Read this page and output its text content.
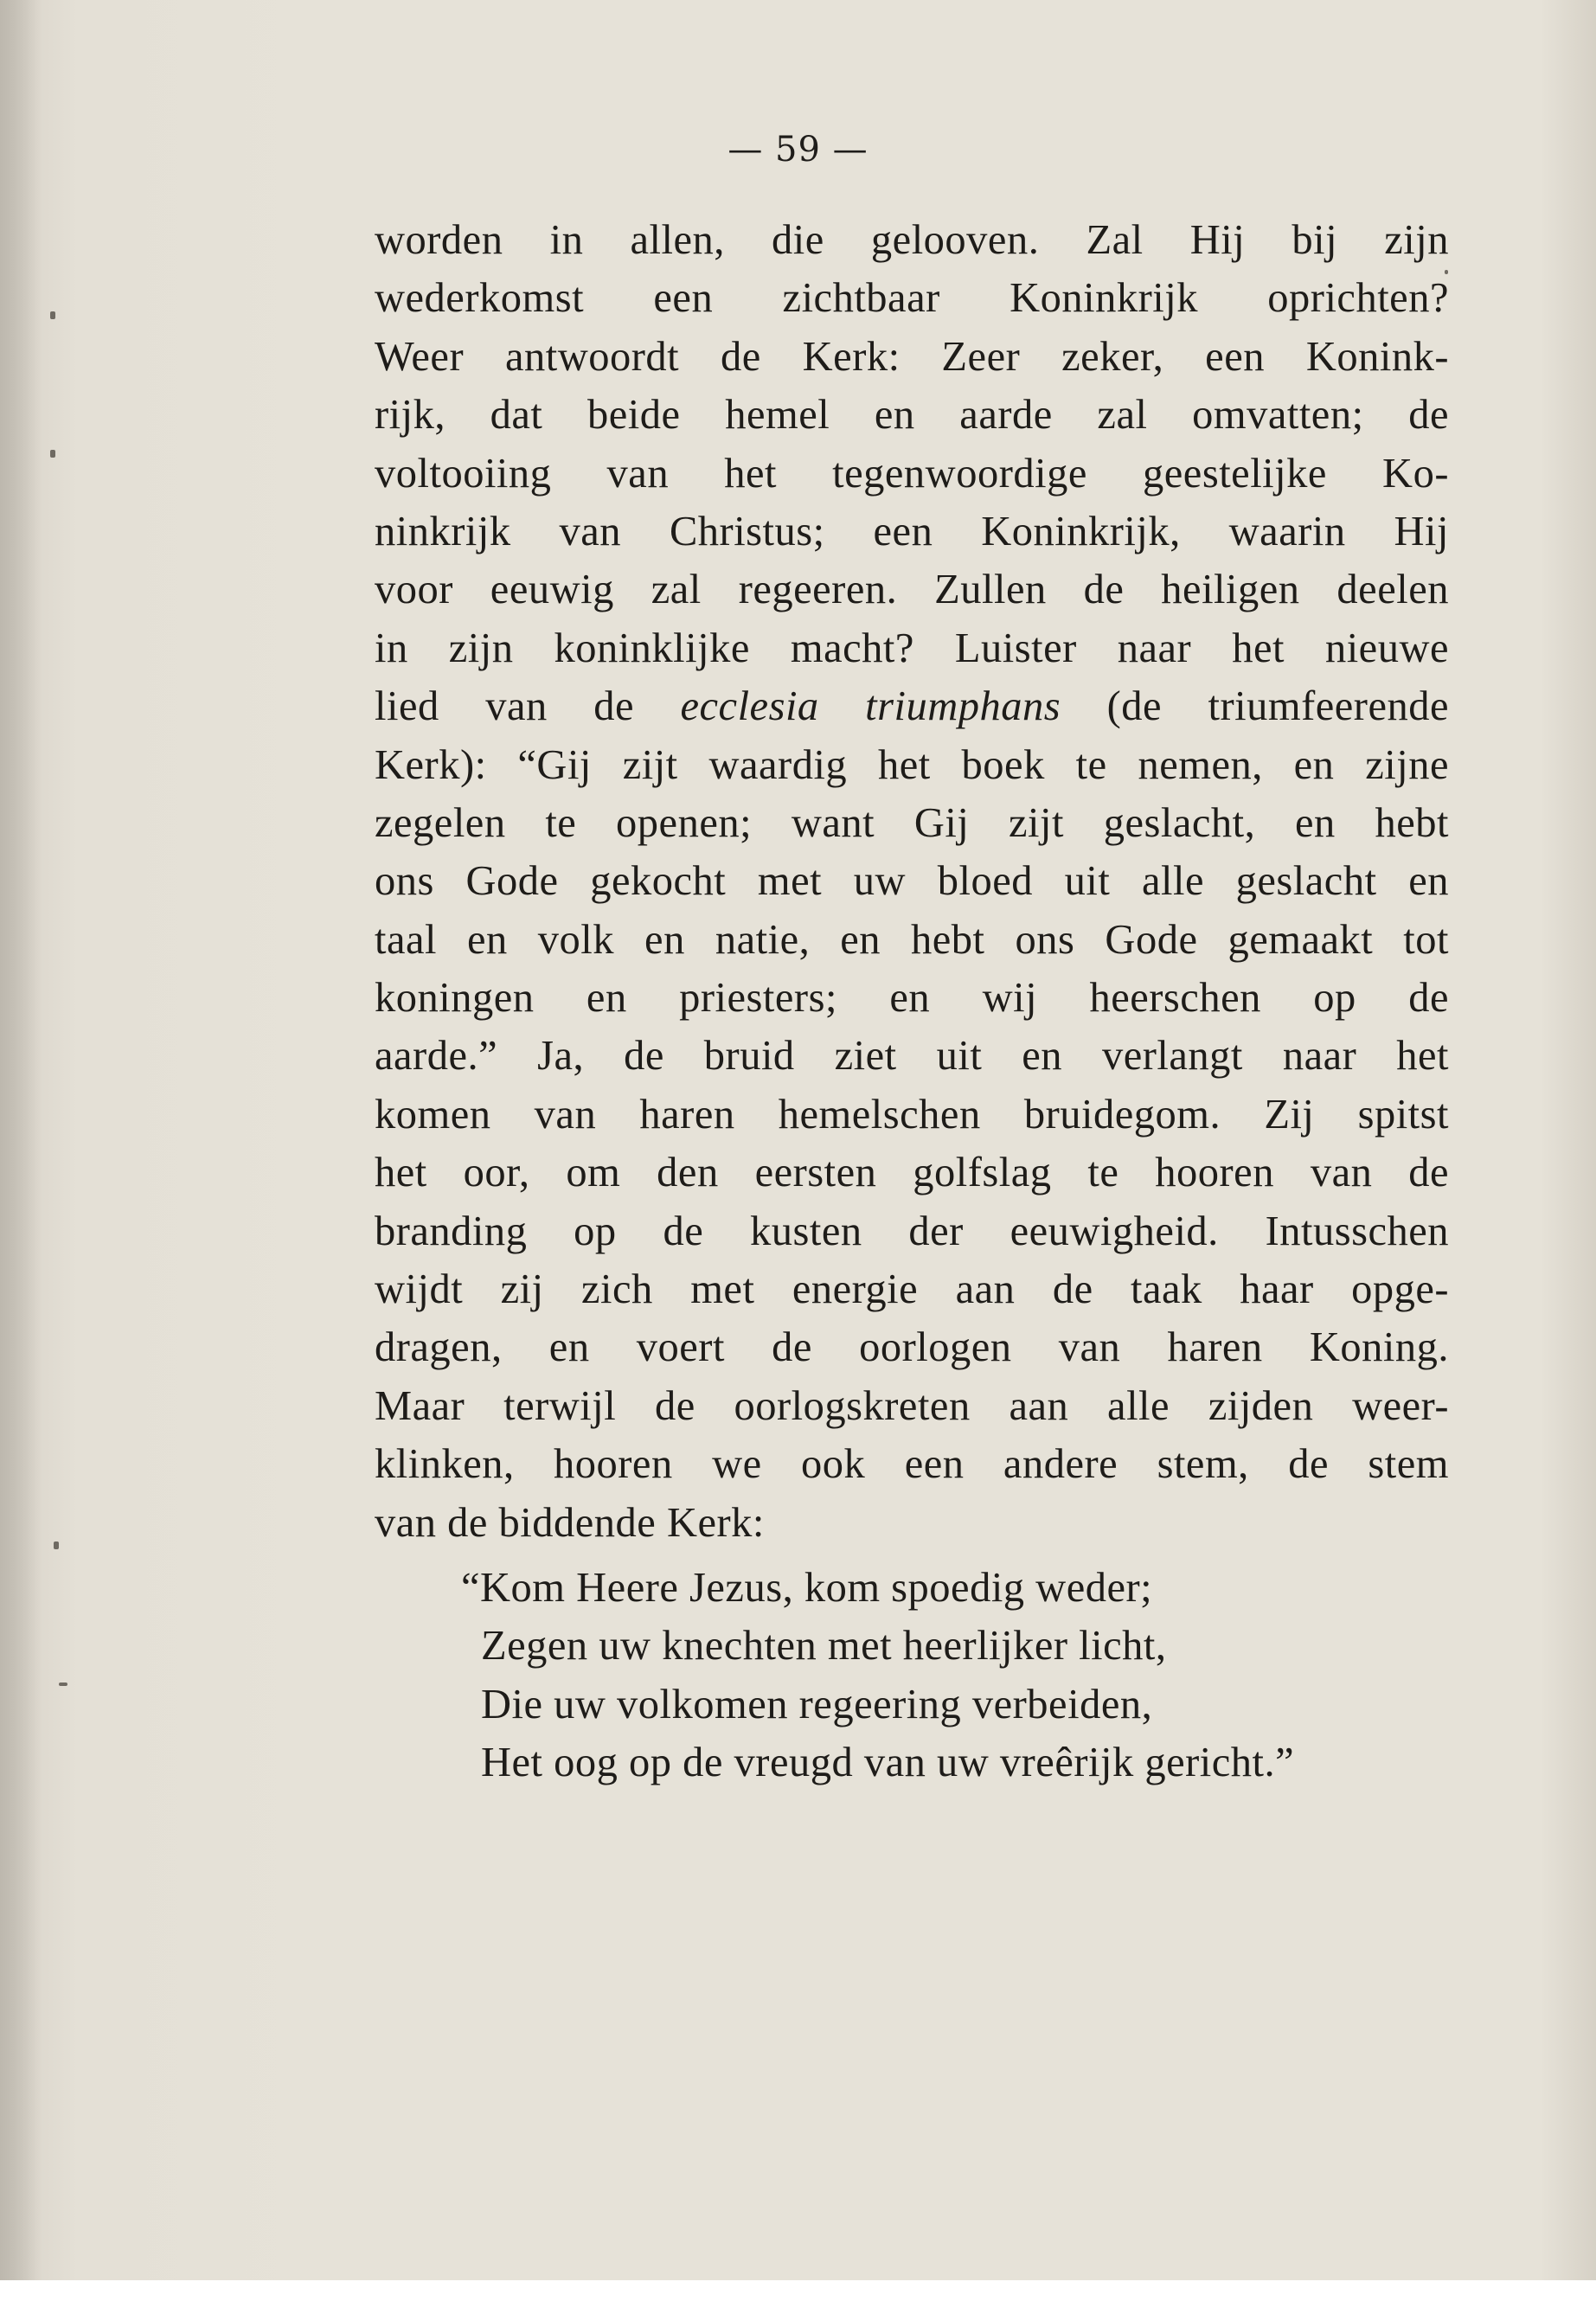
— 59 —

worden in allen, die gelooven. Zal Hij bij zijn
wederkomst een zichtbaar Koninkrijk oprichten?
Weer antwoordt de Kerk: Zeer zeker, een Konink-
rijk, dat beide hemel en aarde zal omvatten; de
voltooiing van het tegenwoordige geestelijke Ko-
ninkrijk van Christus; een Koninkrijk, waarin Hij
voor eeuwig zal regeeren. Zullen de heiligen deelen
in zijn koninklijke macht? Luister naar het nieuwe
lied van de ecclesia triumphans (de triumfeerende
Kerk): “Gij zijt waardig het boek te nemen, en zijne
zegelen te openen; want Gij zijt geslacht, en hebt
ons Gode gekocht met uw bloed uit alle geslacht en
taal en volk en natie, en hebt ons Gode gemaakt tot
koningen en priesters; en wij heerschen op de
aarde.” Ja, de bruid ziet uit en verlangt naar het
komen van haren hemelschen bruidegom. Zij spitst
het oor, om den eersten golfslag te hooren van de
branding op de kusten der eeuwigheid. Intusschen
wijdt zij zich met energie aan de taak haar opge-
dragen, en voert de oorlogen van haren Koning.
Maar terwijl de oorlogskreten aan alle zijden weer-
klinken, hooren we ook een andere stem, de stem
van de biddende Kerk:
“Kom Heere Jezus, kom spoedig weder;
Zegen uw knechten met heerlijker licht,
Die uw volkomen regeering verbeiden,
Het oog op de vreugd van uw vreêrijk gericht.”
